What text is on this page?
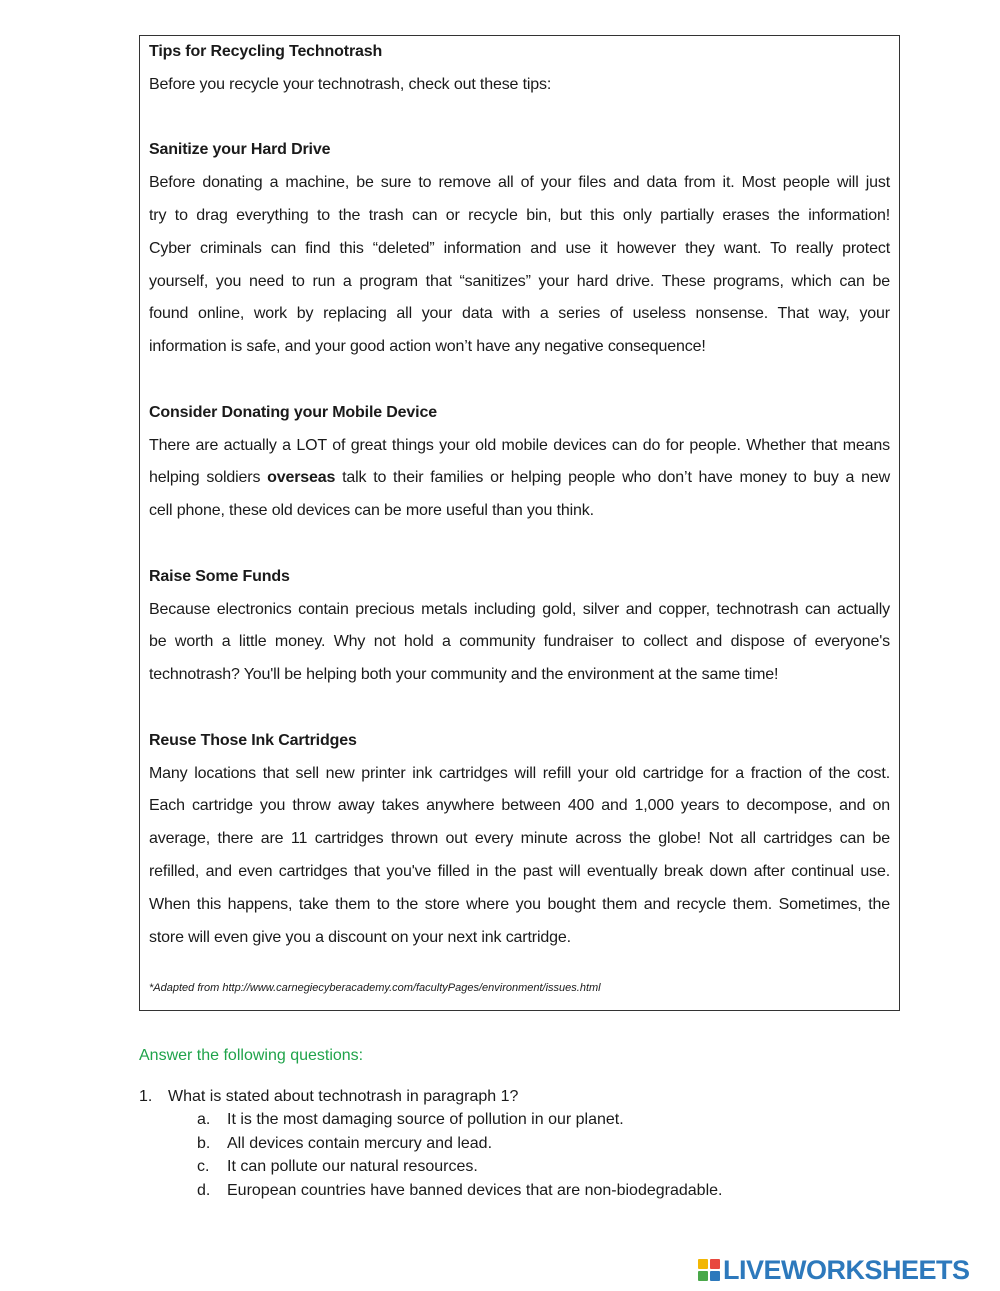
Tips for Recycling Technotrash
Before you recycle your technotrash, check out these tips:
Sanitize your Hard Drive
Before donating a machine, be sure to remove all of your files and data from it. Most people will just
try to drag everything to the trash can or recycle bin, but this only partially erases the information!
Cyber criminals can find this “deleted” information and use it however they want. To really protect
yourself, you need to run a program that “sanitizes” your hard drive. These programs, which can be
found online, work by replacing all your data with a series of useless nonsense. That way, your
information is safe, and your good action won’t have any negative consequence!
Consider Donating your Mobile Device
There are actually a LOT of great things your old mobile devices can do for people. Whether that means
helping soldiers overseas talk to their families or helping people who don’t have money to buy a new
cell phone, these old devices can be more useful than you think.
Raise Some Funds
Because electronics contain precious metals including gold, silver and copper, technotrash can actually
be worth a little money. Why not hold a community fundraiser to collect and dispose of everyone's
technotrash? You'll be helping both your community and the environment at the same time!
Reuse Those Ink Cartridges
Many locations that sell new printer ink cartridges will refill your old cartridge for a fraction of the cost.
Each cartridge you throw away takes anywhere between 400 and 1,000 years to decompose, and on
average, there are 11 cartridges thrown out every minute across the globe! Not all cartridges can be
refilled, and even cartridges that you've filled in the past will eventually break down after continual use.
When this happens, take them to the store where you bought them and recycle them. Sometimes, the
store will even give you a discount on your next ink cartridge.
*Adapted from http://www.carnegiecyberacademy.com/facultyPages/environment/issues.html
Answer the following questions:
1. What is stated about technotrash in paragraph 1?
a. It is the most damaging source of pollution in our planet.
b. All devices contain mercury and lead.
c. It can pollute our natural resources.
d. European countries have banned devices that are non-biodegradable.
LIVEWORKSHEETS
